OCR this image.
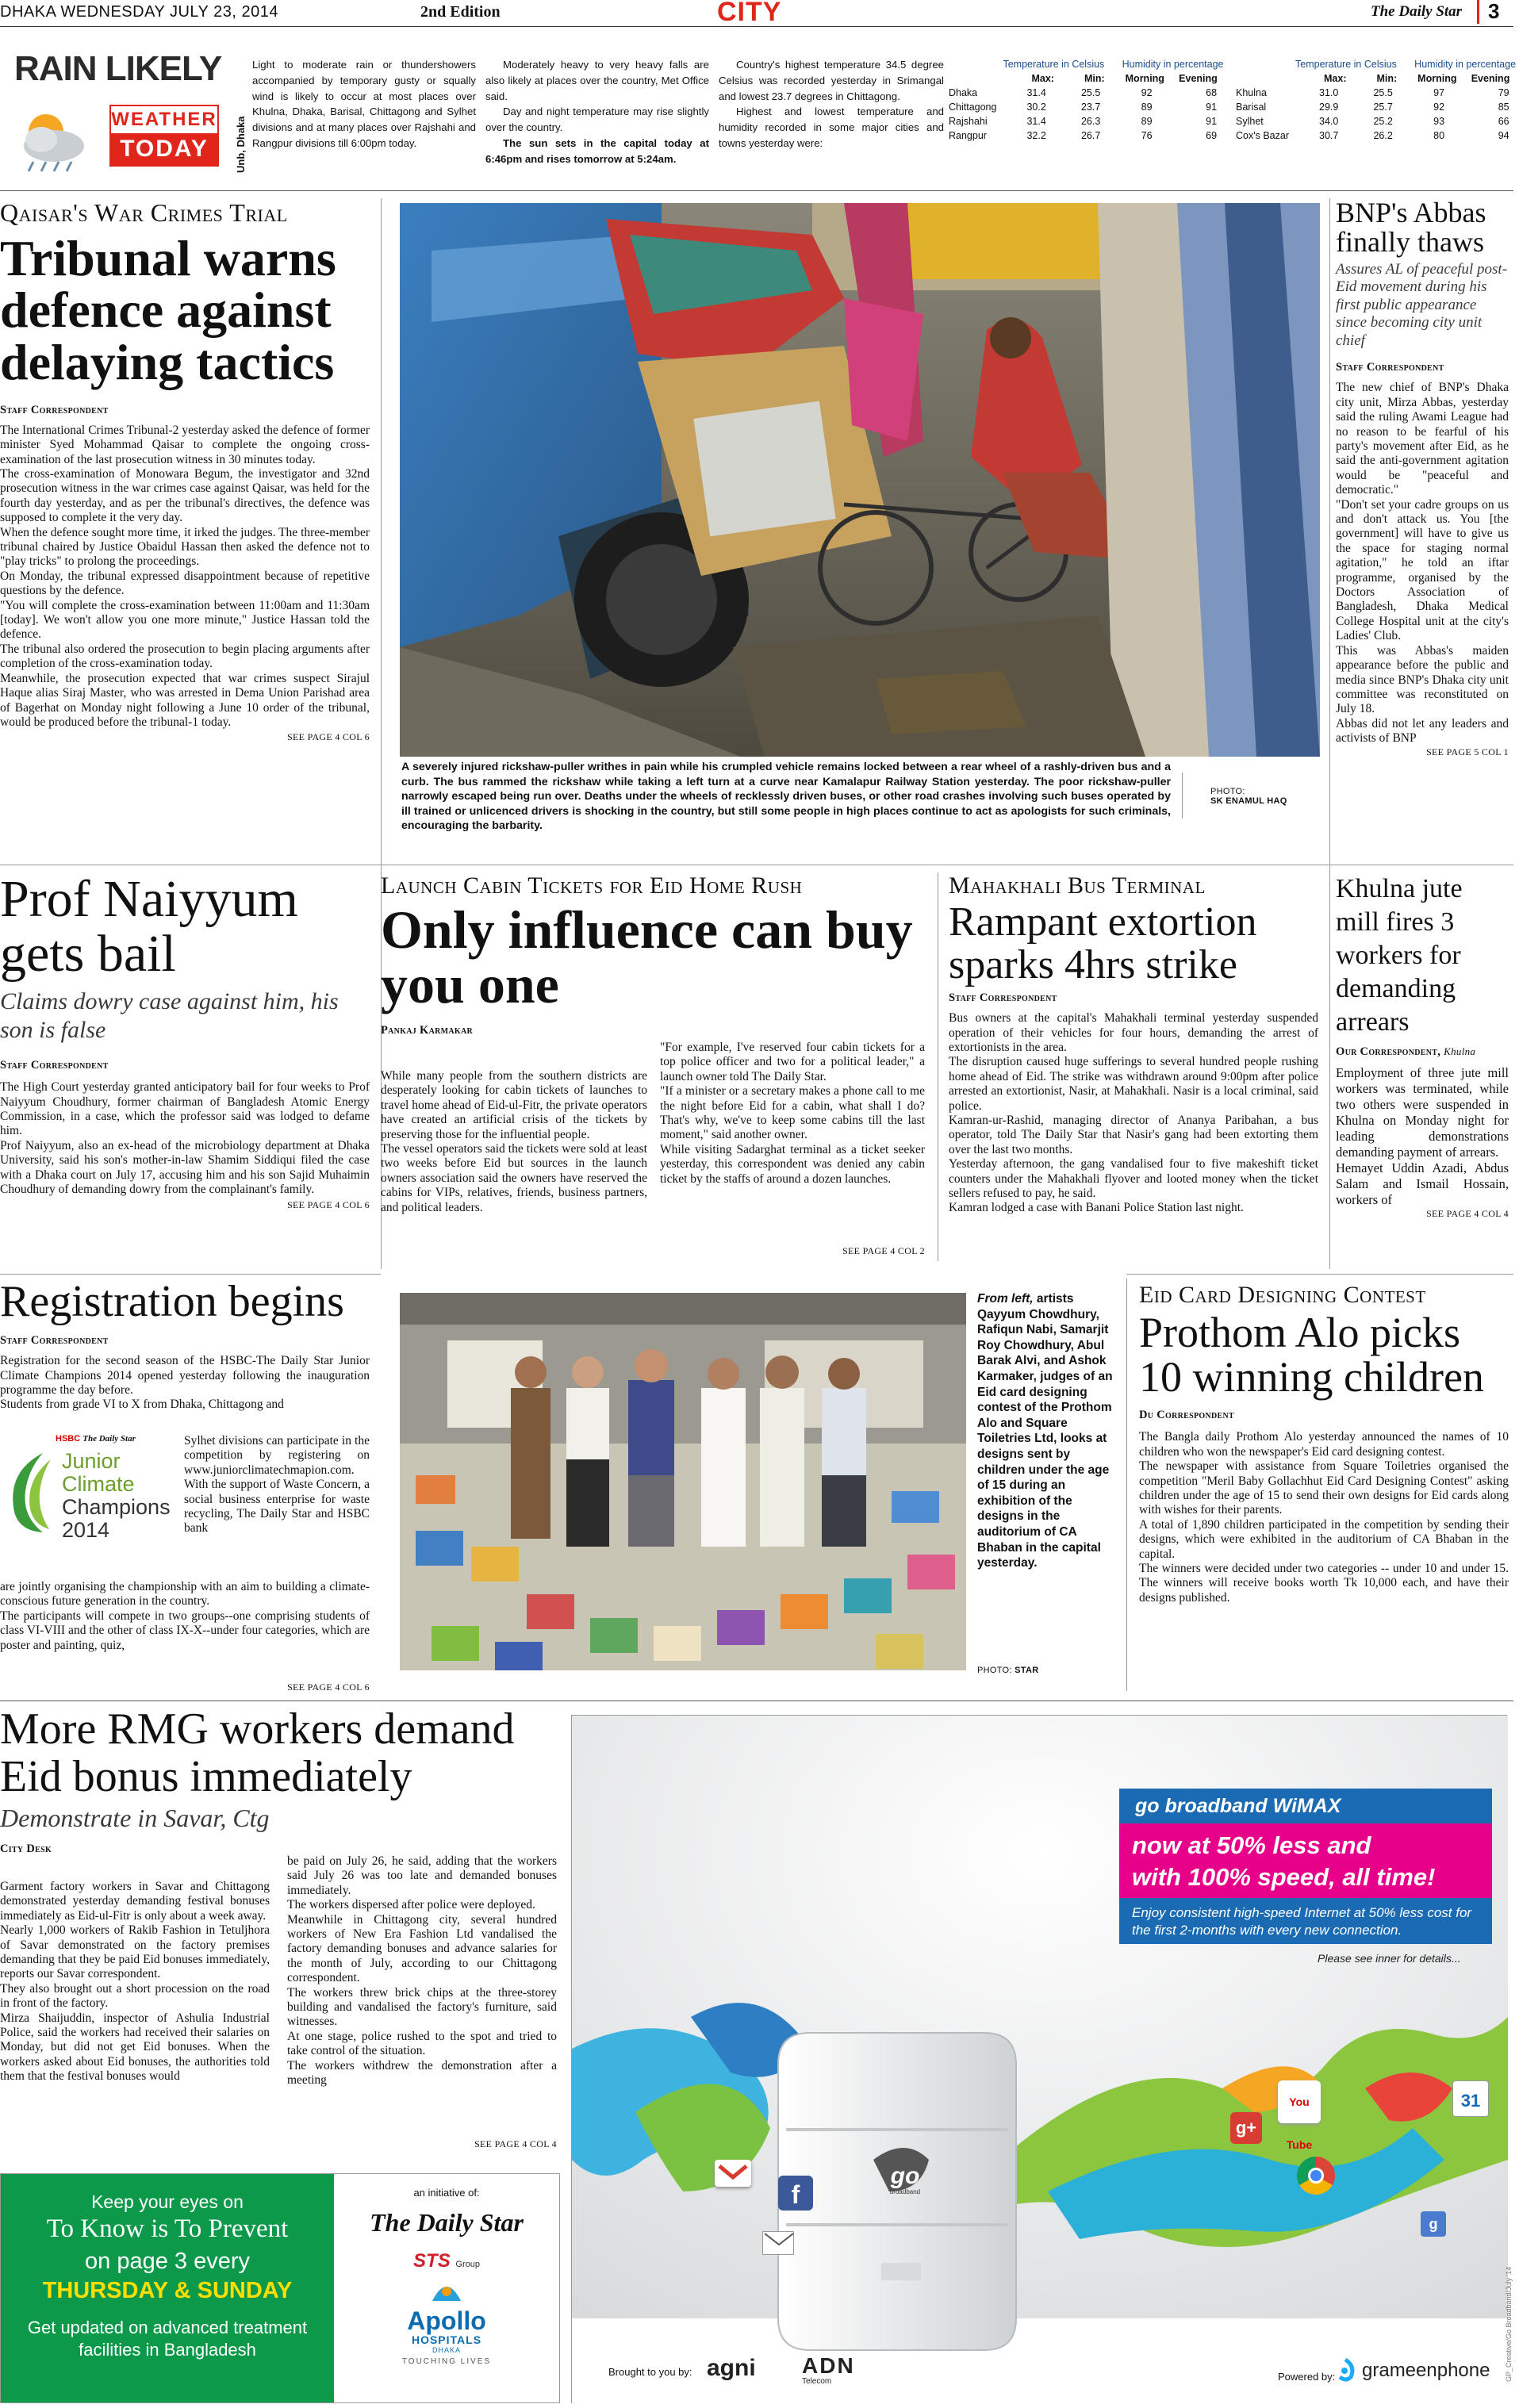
DHAKA WEDNESDAY JULY 23, 2014	2nd Edition	CITY	The Daily Star 3
RAIN LIKELY
WEATHER
TODAY	Unb, Dhaka
Light to moderate rain or thundershowers accompanied by temporary gusty or squally wind is likely to occur at most places over Khulna, Dhaka, Barisal, Chittagong and Sylhet divisions and at many places over Rajshahi and Rangpur divisions till 6:00pm today.
Moderately heavy to very heavy falls are also likely at places over the country, Met Office said.
Day and night temperature may rise slightly over the country.
The sun sets in the capital today at 6:46pm and rises tomorrow at 5:24am.
Country's highest temperature 34.5 degree Celsius was recorded yesterday in Srimangal and lowest 23.7 degrees in Chittagong.
Highest and lowest temperature and humidity recorded in some major cities and towns yesterday were:
	Temperature in Celsius		Humidity in percentage	
	Max:	Min:	Morning	Evening
Dhaka	31.4	25.5	92	68
Chittagong	30.2	23.7	89	91
Rajshahi	31.4	26.3	89	91
Rangpur	32.2	26.7	76	69
	Temperature in Celsius		Humidity in percentage	
	Max:	Min:	Morning	Evening
Khulna	31.0	25.5	97	79
Barisal	29.9	25.7	92	85
Sylhet	34.0	25.2	93	66
Cox's Bazar	30.7	26.2	80	94
Qaisar's War Crimes Trial
Tribunal warns defence against delaying tactics
Staff Correspondent
The International Crimes Tribunal-2 yesterday asked the defence of former minister Syed Mohammad Qaisar to complete the ongoing cross-examination of the last prosecution witness in 30 minutes today.
The cross-examination of Monowara Begum, the investigator and 32nd prosecution witness in the war crimes case against Qaisar, was held for the fourth day yesterday, and as per the tribunal's directives, the defence was supposed to complete it the very day.
When the defence sought more time, it irked the judges. The three-member tribunal chaired by Justice Obaidul Hassan then asked the defence not to "play tricks" to prolong the proceedings.
On Monday, the tribunal expressed disappointment because of repetitive questions by the defence.
"You will complete the cross-examination between 11:00am and 11:30am [today]. We won't allow you one more minute," Justice Hassan told the defence.
The tribunal also ordered the prosecution to begin placing arguments after completion of the cross-examination today.
Meanwhile, the prosecution expected that war crimes suspect Sirajul Haque alias Siraj Master, who was arrested in Dema Union Parishad area of Bagerhat on Monday night following a June 10 order of the tribunal, would be produced before the tribunal-1 today.
SEE PAGE 4 COL 6
A severely injured rickshaw-puller writhes in pain while his crumpled vehicle remains locked between a rear wheel of a rashly-driven bus and a curb. The bus rammed the rickshaw while taking a left turn at a curve near Kamalapur Railway Station yesterday. The poor rickshaw-puller narrowly escaped being run over. Deaths under the wheels of recklessly driven buses, or other road crashes involving such buses operated by ill trained or unlicenced drivers is shocking in the country, but still some people in high places continue to act as apologists for such criminals, encouraging the barbarity.
PHOTO:
SK ENAMUL HAQ
BNP's Abbas finally thaws
Assures AL of peaceful post-Eid movement during his first public appearance since becoming city unit chief
Staff Correspondent
The new chief of BNP's Dhaka city unit, Mirza Abbas, yesterday said the ruling Awami League had no reason to be fearful of his party's movement after Eid, as he said the anti-government agitation would be "peaceful and democratic."
"Don't set your cadre groups on us and don't attack us. You [the government] will have to give us the space for staging normal agitation," he told an iftar programme, organised by the Doctors Association of Bangladesh, Dhaka Medical College Hospital unit at the city's Ladies' Club.
This was Abbas's maiden appearance before the public and media since BNP's Dhaka city unit committee was reconstituted on July 18.
Abbas did not let any leaders and activists of BNP
SEE PAGE 5 COL 1
Prof Naiyyum gets bail
Claims dowry case against him, his son is false
Staff Correspondent
The High Court yesterday granted anticipatory bail for four weeks to Prof Naiyyum Choudhury, former chairman of Bangladesh Atomic Energy Commission, in a case, which the professor said was lodged to defame him.
Prof Naiyyum, also an ex-head of the microbiology department at Dhaka University, said his son's mother-in-law Shamim Siddiqui filed the case with a Dhaka court on July 17, accusing him and his son Sajid Muhaimin Choudhury of demanding dowry from the complainant's family.
SEE PAGE 4 COL 6
Launch Cabin Tickets for Eid Home Rush
Only influence can buy you one
Pankaj Karmakar
While many people from the southern districts are desperately looking for cabin tickets of launches to travel home ahead of Eid-ul-Fitr, the private operators have created an artificial crisis of the tickets by preserving those for the influential people.
The vessel operators said the tickets were sold at least two weeks before Eid but sources in the launch owners association said the owners have reserved the cabins for VIPs, relatives, friends, business partners, and political leaders.
"For example, I've reserved four cabin tickets for a top police officer and two for a political leader," a launch owner told The Daily Star.
"If a minister or a secretary makes a phone call to me the night before Eid for a cabin, what shall I do? That's why, we've to keep some cabins till the last moment," said another owner.
While visiting Sadarghat terminal as a ticket seeker yesterday, this correspondent was denied any cabin ticket by the staffs of around a dozen launches.
SEE PAGE 4 COL 2
Mahakhali Bus Terminal
Rampant extortion sparks 4hrs strike
Staff Correspondent
Bus owners at the capital's Mahakhali terminal yesterday suspended operation of their vehicles for four hours, demanding the arrest of extortionists in the area.
The disruption caused huge sufferings to several hundred people rushing home ahead of Eid. The strike was withdrawn around 9:00pm after police arrested an extortionist, Nasir, at Mahakhali. Nasir is a local criminal, said police.
Kamran-ur-Rashid, managing director of Ananya Paribahan, a bus operator, told The Daily Star that Nasir's gang had been extorting them over the last two months.
Yesterday afternoon, the gang vandalised four to five makeshift ticket counters under the Mahakhali flyover and looted money when the ticket sellers refused to pay, he said.
Kamran lodged a case with Banani Police Station last night.
Khulna jute mill fires 3 workers for demanding arrears
Our Correspondent, Khulna
Employment of three jute mill workers was terminated, while two others were suspended in Khulna on Monday night for leading demonstrations demanding payment of arrears.
Hemayet Uddin Azadi, Abdus Salam and Ismail Hossain, workers of
SEE PAGE 4 COL 4
Registration begins
Staff Correspondent
Registration for the second season of the HSBC-The Daily Star Junior Climate Champions 2014 opened yesterday following the inauguration programme the day before.
Students from grade VI to X from Dhaka, Chittagong and
HSBC The Daily Star
Junior
Climate
Champions
2014
Sylhet divisions can participate in the competition by registering on www.juniorclimatechmapion.com.
With the support of Waste Concern, a social business enterprise for waste recycling, The Daily Star and HSBC bank
are jointly organising the championship with an aim to building a climate-conscious future generation in the country.
The participants will compete in two groups--one comprising students of class VI-VIII and the other of class IX-X--under four categories, which are poster and painting, quiz,
SEE PAGE 4 COL 6
From left, artists Qayyum Chowdhury, Rafiqun Nabi, Samarjit Roy Chowdhury, Abul Barak Alvi, and Ashok Karmaker, judges of an Eid card designing contest of the Prothom Alo and Square Toiletries Ltd, looks at designs sent by children under the age of 15 during an exhibition of the designs in the auditorium of CA Bhaban in the capital yesterday.
PHOTO: STAR
Eid Card Designing Contest
Prothom Alo picks 10 winning children
Du Correspondent
The Bangla daily Prothom Alo yesterday announced the names of 10 children who won the newspaper's Eid card designing contest.
The newspaper with assistance from Square Toiletries organised the competition "Meril Baby Gollachhut Eid Card Designing Contest" asking children under the age of 15 to send their own designs for Eid cards along with wishes for their parents.
A total of 1,890 children participated in the competition by sending their designs, which were exhibited in the auditorium of CA Bhaban in the capital.
The winners were decided under two categories -- under 10 and under 15. The winners will receive books worth Tk 10,000 each, and have their designs published.
More RMG workers demand Eid bonus immediately
Demonstrate in Savar, Ctg
City Desk
Garment factory workers in Savar and Chittagong demonstrated yesterday demanding festival bonuses immediately as Eid-ul-Fitr is only about a week away.
Nearly 1,000 workers of Rakib Fashion in Tetuljhora of Savar demonstrated on the factory premises demanding that they be paid Eid bonuses immediately, reports our Savar correspondent.
They also brought out a short procession on the road in front of the factory.
Mirza Shaijuddin, inspector of Ashulia Industrial Police, said the workers had received their salaries on Monday, but did not get Eid bonuses. When the workers asked about Eid bonuses, the authorities told them that the festival bonuses would
be paid on July 26, he said, adding that the workers said July 26 was too late and demanded bonuses immediately.
The workers dispersed after police were deployed.
Meanwhile in Chittagong city, several hundred workers of New Era Fashion Ltd vandalised the factory demanding bonuses and advance salaries for the month of July, according to our Chittagong correspondent.
The workers threw brick chips at the three-storey building and vandalised the factory's furniture, said witnesses.
At one stage, police rushed to the spot and tried to take control of the situation.
The workers withdrew the demonstration after a meeting
SEE PAGE 4 COL 4
Keep your eyes on
To Know is To Prevent
on page 3 every
THURSDAY & SUNDAY
Get updated on advanced treatment facilities in Bangladesh
an initiative of:
The Daily Star
STS Group
Apollo
HOSPITALS
DHAKA
TOUCHING LIVES
go broadband WiMAX
now at 50% less and
with 100% speed, all time!
Enjoy consistent high-speed Internet at 50% less cost for the first 2-months with every new connection.
Please see inner for details...
go
broadband
f
g+
You Tube
31
g
Brought to you by: agni ADN
Telecom	Powered by: grameenphone GP_Creative/Go Broadband/July '14
